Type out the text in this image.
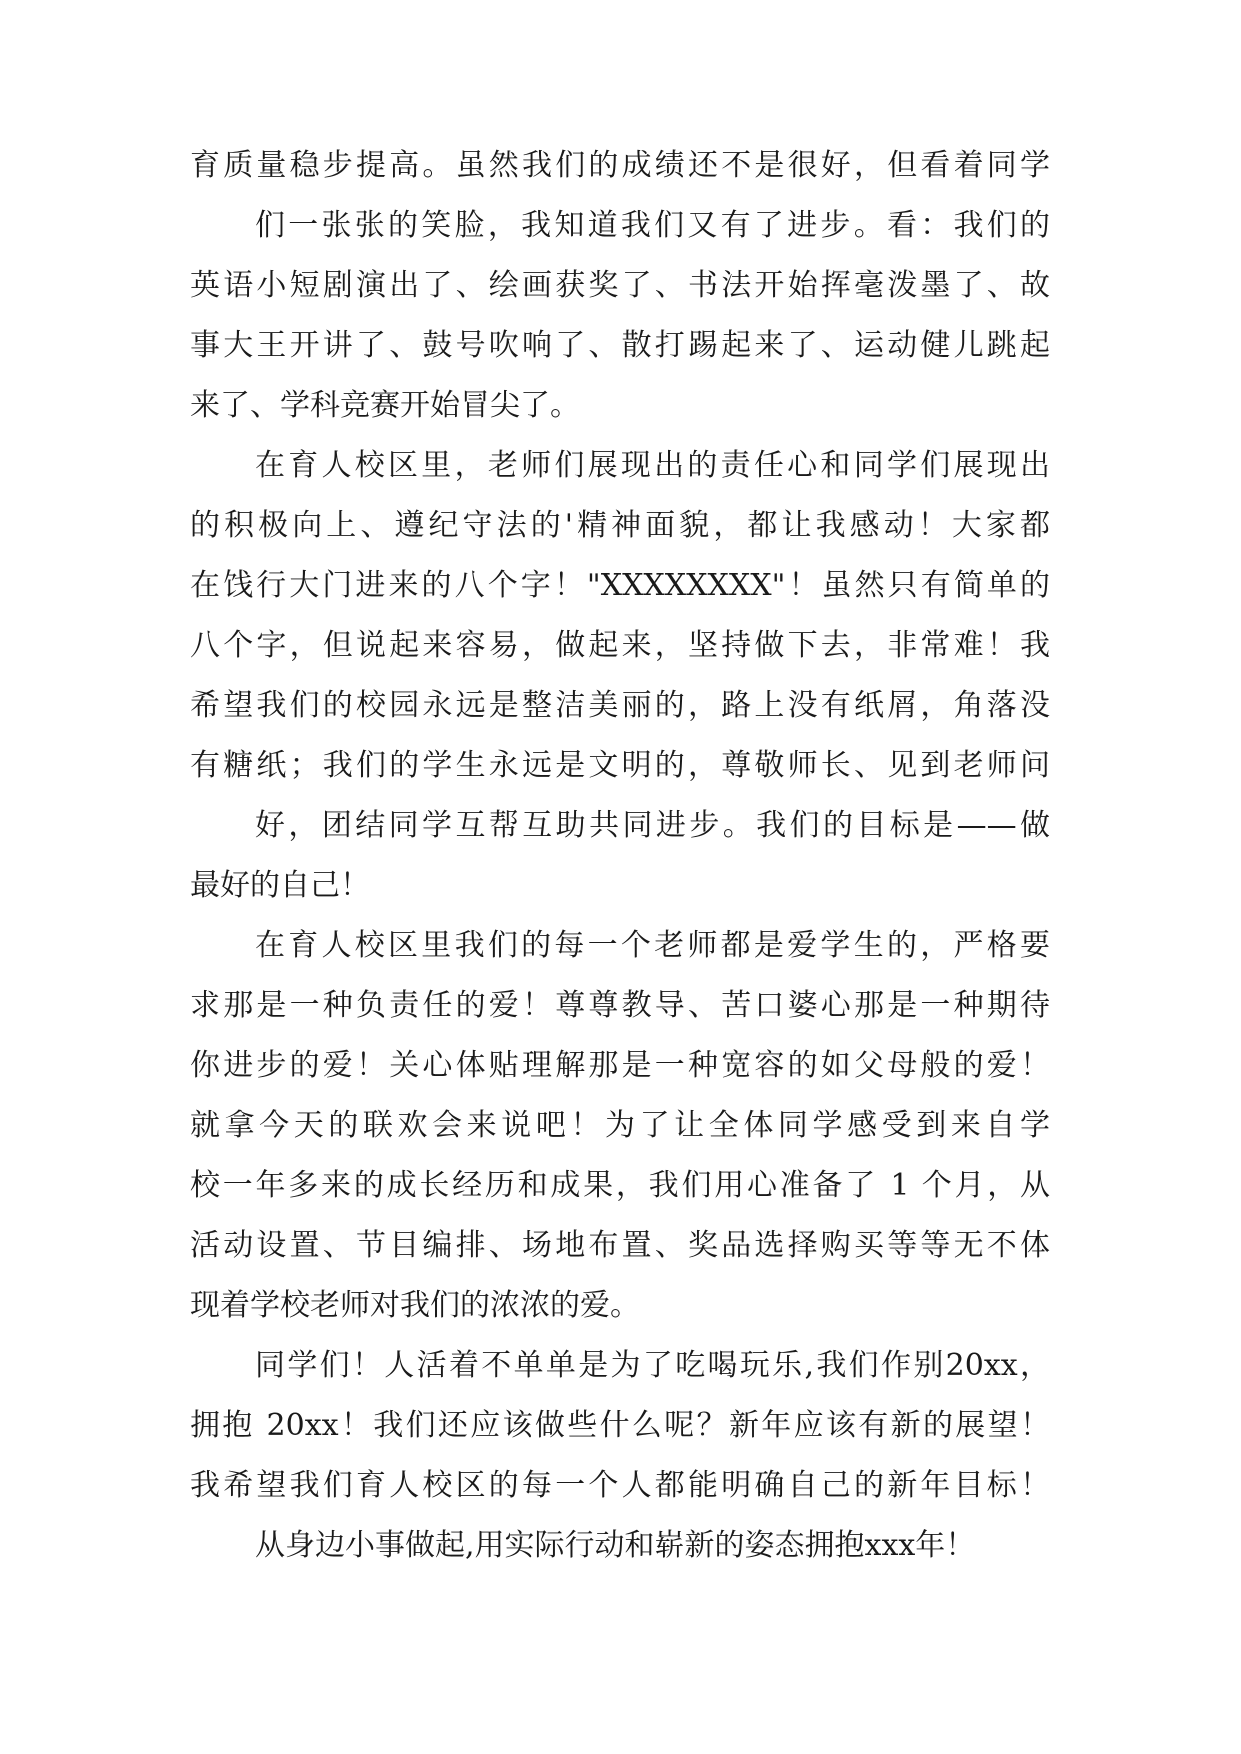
育质量稳步提高。虽然我们的成绩还不是很好，但看着同学
们一张张的笑脸，我知道我们又有了进步。看：我们的
英语小短剧演出了、绘画获奖了、书法开始挥毫泼墨了、故
事大王开讲了、鼓号吹响了、散打踢起来了、运动健儿跳起
来了、学科竞赛开始冒尖了。
在育人校区里，老师们展现出的责任心和同学们展现出
的积极向上、遵纪守法的'精神面貌，都让我感动！大家都
在饯行大门进来的八个字！"XXXXXXXX"！虽然只有简单的
八个字，但说起来容易，做起来，坚持做下去，非常难！我
希望我们的校园永远是整洁美丽的，路上没有纸屑，角落没
有糖纸；我们的学生永远是文明的，尊敬师长、见到老师问
好，团结同学互帮互助共同进步。我们的目标是——做
最好的自己！
在育人校区里我们的每一个老师都是爱学生的，严格要
求那是一种负责任的爱！尊尊教导、苦口婆心那是一种期待
你进步的爱！关心体贴理解那是一种宽容的如父母般的爱！
就拿今天的联欢会来说吧！为了让全体同学感受到来自学
校一年多来的成长经历和成果，我们用心准备了 1 个月，从
活动设置、节目编排、场地布置、奖品选择购买等等无不体
现着学校老师对我们的浓浓的爱。
同学们！人活着不单单是为了吃喝玩乐,我们作别20xx，
拥抱 20xx！我们还应该做些什么呢？新年应该有新的展望！
我希望我们育人校区的每一个人都能明确自己的新年目标！
从身边小事做起,用实际行动和崭新的姿态拥抱xxx年！
